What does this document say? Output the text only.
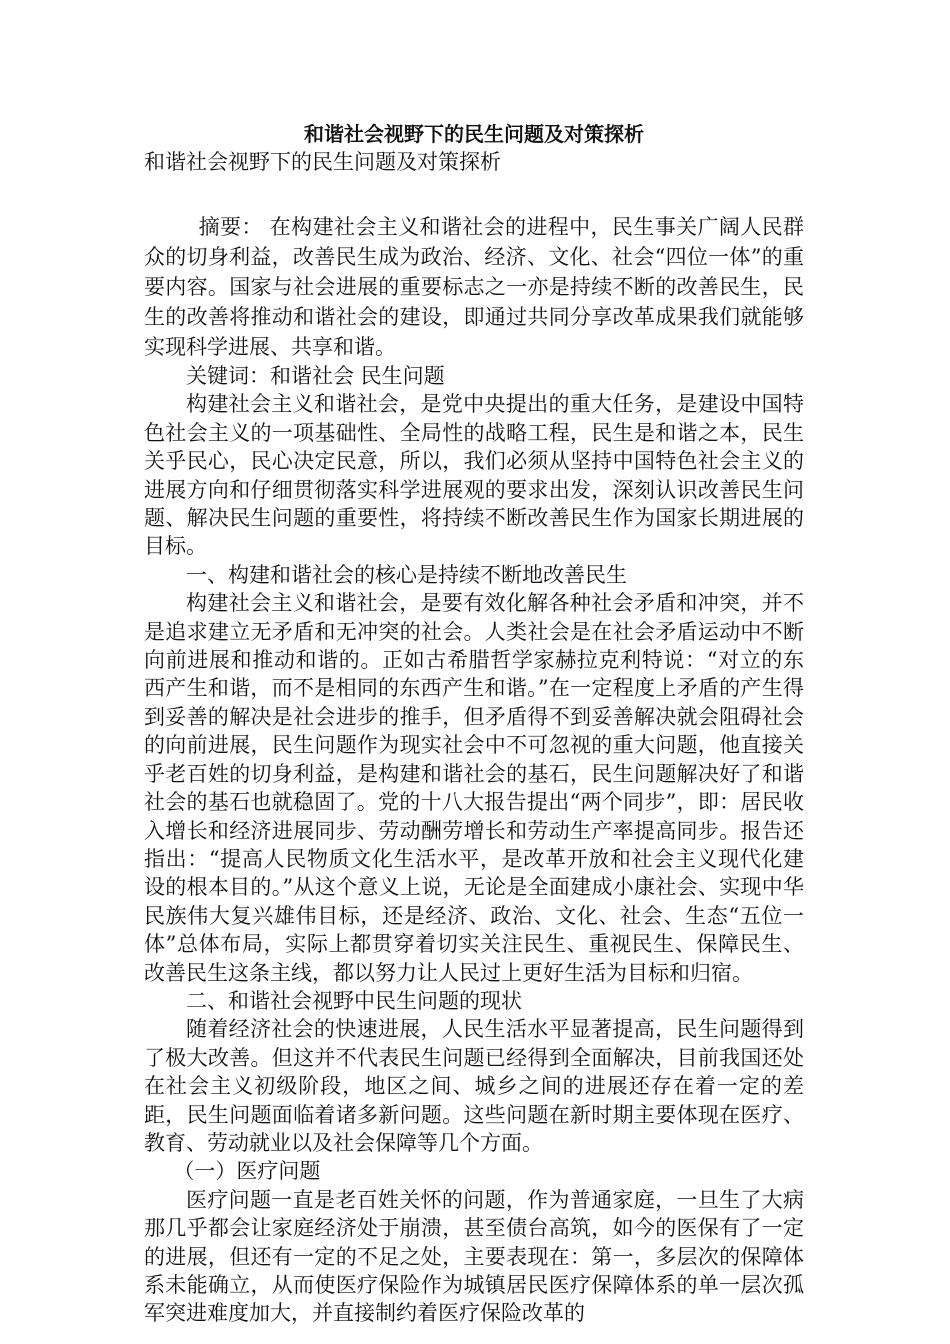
和谐社会视野下的民生问题及对策探析

和谐社会视野下的民生问题及对策探析

摘要： 在构建社会主义和谐社会的进程中，民生事关广阔人民群众的切身利益，改善民生成为政治、经济、文化、社会“四位一体”的重要内容。国家与社会进展的重要标志之一亦是持续不断的改善民生，民生的改善将推动和谐社会的建设，即通过共同分享改革成果我们就能够实现科学进展、共享和谐。

关键词：和谐社会 民生问题

构建社会主义和谐社会，是党中央提出的重大任务，是建设中国特色社会主义的一项基础性、全局性的战略工程，民生是和谐之本，民生关乎民心，民心决定民意，所以，我们必须从坚持中国特色社会主义的进展方向和仔细贯彻落实科学进展观的要求出发，深刻认识改善民生问题、解决民生问题的重要性，将持续不断改善民生作为国家长期进展的目标。

一、构建和谐社会的核心是持续不断地改善民生

构建社会主义和谐社会，是要有效化解各种社会矛盾和冲突，并不是追求建立无矛盾和无冲突的社会。人类社会是在社会矛盾运动中不断向前进展和推动和谐的。正如古希腊哲学家赫拉克利特说：“对立的东西产生和谐，而不是相同的东西产生和谐。”在一定程度上矛盾的产生得到妥善的解决是社会进步的推手，但矛盾得不到妥善解决就会阻碍社会的向前进展，民生问题作为现实社会中不可忽视的重大问题，他直接关乎老百姓的切身利益，是构建和谐社会的基石，民生问题解决好了和谐社会的基石也就稳固了。党的十八大报告提出“两个同步”，即：居民收入增长和经济进展同步、劳动酬劳增长和劳动生产率提高同步。报告还指出：“提高人民物质文化生活水平，是改革开放和社会主义现代化建设的根本目的。”从这个意义上说，无论是全面建成小康社会、实现中华民族伟大复兴雄伟目标，还是经济、政治、文化、社会、生态“五位一体”总体布局，实际上都贯穿着切实关注民生、重视民生、保障民生、改善民生这条主线，都以努力让人民过上更好生活为目标和归宿。

二、和谐社会视野中民生问题的现状

随着经济社会的快速进展，人民生活水平显著提高，民生问题得到了极大改善。但这并不代表民生问题已经得到全面解决，目前我国还处在社会主义初级阶段，地区之间、城乡之间的进展还存在着一定的差距，民生问题面临着诸多新问题。这些问题在新时期主要体现在医疗、教育、劳动就业以及社会保障等几个方面。

（一）医疗问题

医疗问题一直是老百姓关怀的问题，作为普通家庭，一旦生了大病那几乎都会让家庭经济处于崩溃，甚至债台高筑，如今的医保有了一定的进展，但还有一定的不足之处，主要表现在：第一，多层次的保障体系未能确立，从而使医疗保险作为城镇居民医疗保障体系的单一层次孤军突进难度加大，并直接制约着医疗保险改革的
